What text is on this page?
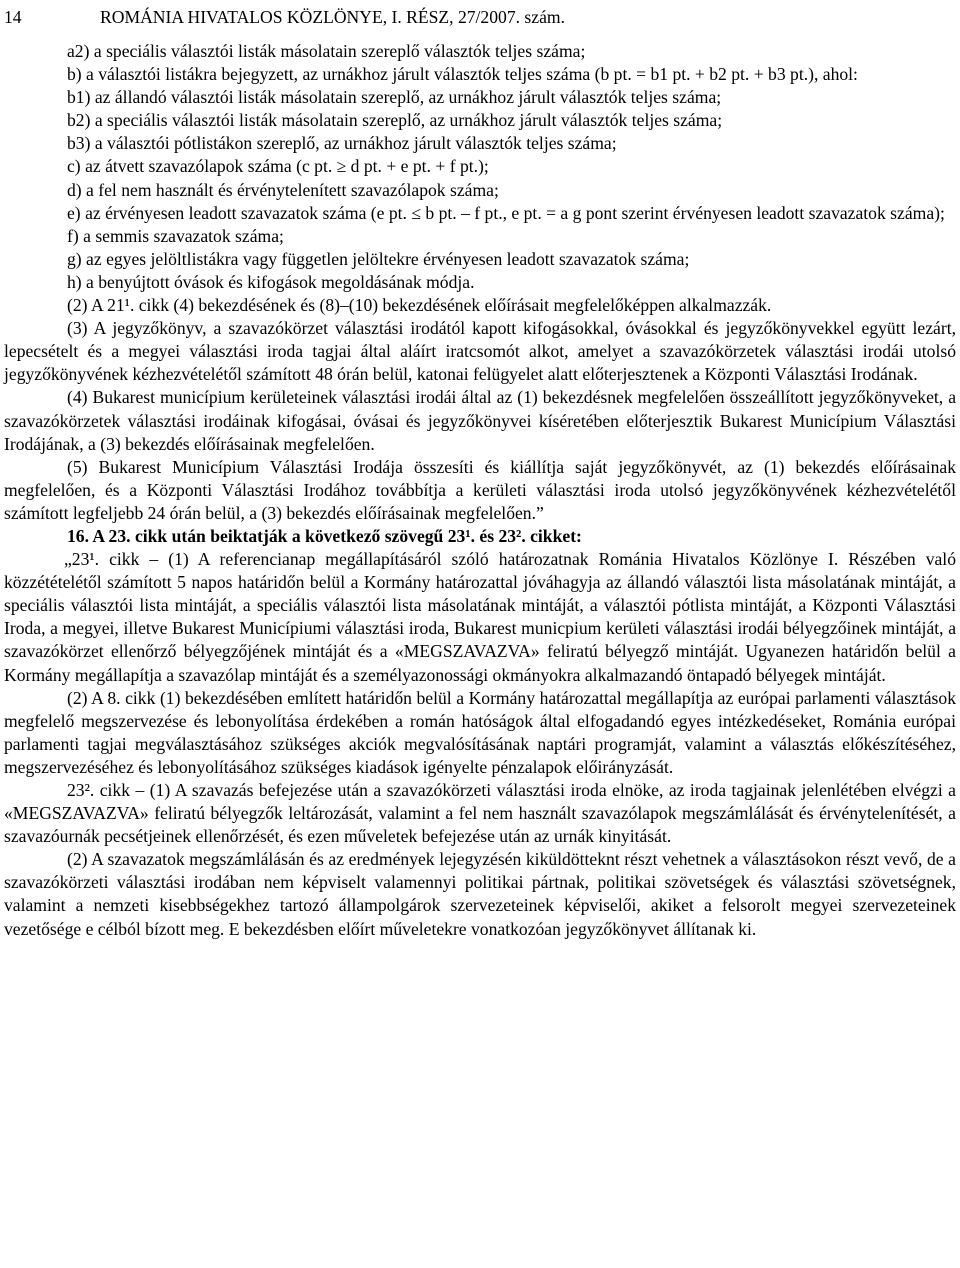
14	ROMÁNIA HIVATALOS KÖZLÖNYE, I. RÉSZ, 27/2007. szám.

a2) a speciális választói listák másolatain szereplő választók teljes száma;

b) a választói listákra bejegyzett, az urnákhoz járult választók teljes száma (b pt. = b1 pt. + b2 pt. + b3 pt.), ahol:

b1) az állandó választói listák másolatain szereplő, az urnákhoz járult választók teljes száma;

b2) a speciális választói listák másolatain szereplő, az urnákhoz járult választók teljes száma;

b3) a választói pótlistákon szereplő, az urnákhoz járult választók teljes száma;

c) az átvett szavazólapok száma (c pt. ≥ d pt. + e pt. + f pt.);

d) a fel nem használt és érvénytelenített szavazólapok száma;

e) az érvényesen leadott szavazatok száma (e pt. ≤ b pt. – f pt., e pt. = a g pont szerint érvényesen leadott szavazatok száma);

f) a semmis szavazatok száma;

g) az egyes jelöltlistákra vagy független jelöltekre érvényesen leadott szavazatok száma;

h) a benyújtott óvások és kifogások megoldásának módja.

(2) A 21¹. cikk (4) bekezdésének és (8)–(10) bekezdésének előírásait megfelelőképpen alkalmazzák.

(3) A jegyzőkönyv, a szavazókörzet választási irodától kapott kifogásokkal, óvásokkal és jegyzőkönyvekkel együtt lezárt, lepecsételt és a megyei választási iroda tagjai által aláírt iratcsomót alkot, amelyet a szavazókörzetek választási irodái utolsó jegyzőkönyvének kézhezvételétől számított 48 órán belül, katonai felügyelet alatt előterjesztenek a Központi Választási Irodának.

(4) Bukarest municípium kerületeinek választási irodái által az (1) bekezdésnek megfelelően összeállított jegyzőkönyveket, a szavazókörzetek választási irodáinak kifogásai, óvásai és jegyzőkönyvei kíséretében előterjesztik Bukarest Municípium Választási Irodájának, a (3) bekezdés előírásainak megfelelően.

(5) Bukarest Municípium Választási Irodája összesíti és kiállítja saját jegyzőkönyvét, az (1) bekezdés előírásainak megfelelően, és a Központi Választási Irodához továbbítja a kerületi választási iroda utolsó jegyzőkönyvének kézhezvételétől számított legfeljebb 24 órán belül, a (3) bekezdés előírásainak megfelelően.”

16. A 23. cikk után beiktatják a következő szövegű 23¹. és 23². cikket:

„23¹. cikk – (1) A referencianap megállapításáról szóló határozatnak Románia Hivatalos Közlönye I. Részében való közzétételétől számított 5 napos határidőn belül a Kormány határozattal jóváhagyja az állandó választói lista másolatának mintáját, a speciális választói lista mintáját, a speciális választói lista másolatának mintáját, a választói pótlista mintáját, a Központi Választási Iroda, a megyei, illetve Bukarest Municípiumi választási iroda, Bukarest municpium kerületi választási irodái bélyegzőinek mintáját, a szavazókörzet ellenőrző bélyegzőjének mintáját és a «MEGSZAVAZVA» feliratú bélyegző mintáját. Ugyanezen határidőn belül a Kormány megállapítja a szavazólap mintáját és a személyazonossági okmányokra alkalmazandó öntapadó bélyegek mintáját.

(2) A 8. cikk (1) bekezdésében említett határidőn belül a Kormány határozattal megállapítja az európai parlamenti választások megfelelő megszervezése és lebonyolítása érdekében a román hatóságok által elfogadandó egyes intézkedéseket, Románia európai parlamenti tagjai megválasztásához szükséges akciók megvalósításának naptári programját, valamint a választás előkészítéséhez, megszervezéséhez és lebonyolításához szükséges kiadások igényelte pénzalapok előirányzását.

23². cikk – (1) A szavazás befejezése után a szavazókörzeti választási iroda elnöke, az iroda tagjainak jelenlétében elvégzi a «MEGSZAVAZVA» feliratú bélyegzők leltározását, valamint a fel nem használt szavazólapok megszámlálását és érvénytelenítését, a szavazóurnák pecsétjeinek ellenőrzését, és ezen műveletek befejezése után az urnák kinyitását.

(2) A szavazatok megszámlálásán és az eredmények lejegyzésén kiküldötteknt részt vehetnek a választásokon részt vevő, de a szavazókörzeti választási irodában nem képviselt valamennyi politikai pártnak, politikai szövetségek és választási szövetségnek, valamint a nemzeti kisebbségekhez tartozó állampolgárok szervezeteinek képviselői, akiket a felsorolt megyei szervezeteinek vezetősége e célból bízott meg. E bekezdésben előírt műveletekre vonatkozóan jegyzőkönyvet állítanak ki.
